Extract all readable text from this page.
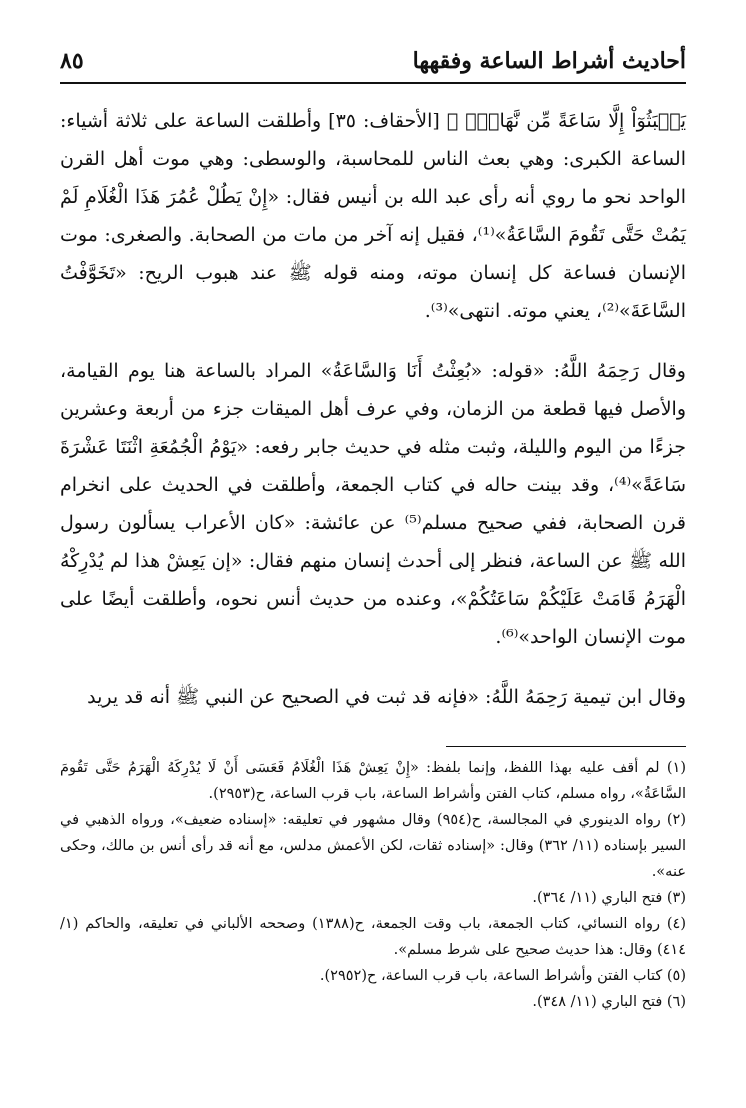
أحاديث أشراط الساعة وفقهها
٨٥

يَلۡبَثُوٓاْ إِلَّا سَاعَةً مِّن نَّهَارٍۢ ﴾ [الأحقاف: ٣٥] وأطلقت الساعة على ثلاثة أشياء: الساعة الكبرى: وهي بعث الناس للمحاسبة، والوسطى: وهي موت أهل القرن الواحد نحو ما روي أنه رأى عبد الله بن أنيس فقال: «إِنْ يَطُلْ عُمُرَ هَذَا الْغُلَامِ لَمْ يَمُتْ حَتَّى تَقُومَ السَّاعَةُ»⁽¹⁾، فقيل إنه آخر من مات من الصحابة. والصغرى: موت الإنسان فساعة كل إنسان موته، ومنه قوله ﷺ عند هبوب الريح: «تَخَوَّفْتُ السَّاعَةَ»⁽²⁾، يعني موته. انتهى»⁽³⁾.

وقال رَحِمَهُ اللَّهُ: «قوله: «بُعِثْتُ أَنَا وَالسَّاعَةُ» المراد بالساعة هنا يوم القيامة، والأصل فيها قطعة من الزمان، وفي عرف أهل الميقات جزء من أربعة وعشرين جزءًا من اليوم والليلة، وثبت مثله في حديث جابر رفعه: «يَوْمُ الْجُمُعَةِ اثْنَتَا عَشْرَةَ سَاعَةً»⁽⁴⁾، وقد بينت حاله في كتاب الجمعة، وأطلقت في الحديث على انخرام قرن الصحابة، ففي صحيح مسلم⁽⁵⁾ عن عائشة: «كان الأعراب يسألون رسول الله ﷺ عن الساعة، فنظر إلى أحدث إنسان منهم فقال: «إن يَعِشْ هذا لم يُدْرِكْهُ الْهَرَمُ قَامَتْ عَلَيْكُمْ سَاعَتُكُمْ»، وعنده من حديث أنس نحوه، وأطلقت أيضًا على موت الإنسان الواحد»⁽⁶⁾.

وقال ابن تيمية رَحِمَهُ اللَّهُ: «فإنه قد ثبت في الصحيح عن النبي ﷺ أنه قد يريد

(١) لم أقف عليه بهذا اللفظ، وإنما بلفظ: «إِنْ يَعِشْ هَذَا الْغُلَامُ فَعَسَى أَنْ لَا يُدْرِكَهُ الْهَرَمُ حَتَّى تَقُومَ السَّاعَةُ»، رواه مسلم، كتاب الفتن وأشراط الساعة، باب قرب الساعة، ح(٢٩٥٣).

(٢) رواه الدينوري في المجالسة، ح(٩٥٤) وقال مشهور في تعليقه: «إسناده ضعيف»، ورواه الذهبي في السير بإسناده (١١/ ٣٦٢) وقال: «إسناده ثقات، لكن الأعمش مدلس، مع أنه قد رأى أنس بن مالك، وحكى عنه».

(٣) فتح الباري (١١/ ٣٦٤).

(٤) رواه النسائي، كتاب الجمعة، باب وقت الجمعة، ح(١٣٨٨) وصححه الألباني في تعليقه، والحاكم (١/ ٤١٤) وقال: هذا حديث صحيح على شرط مسلم».

(٥) كتاب الفتن وأشراط الساعة، باب قرب الساعة، ح(٢٩٥٢).

(٦) فتح الباري (١١/ ٣٤٨).
